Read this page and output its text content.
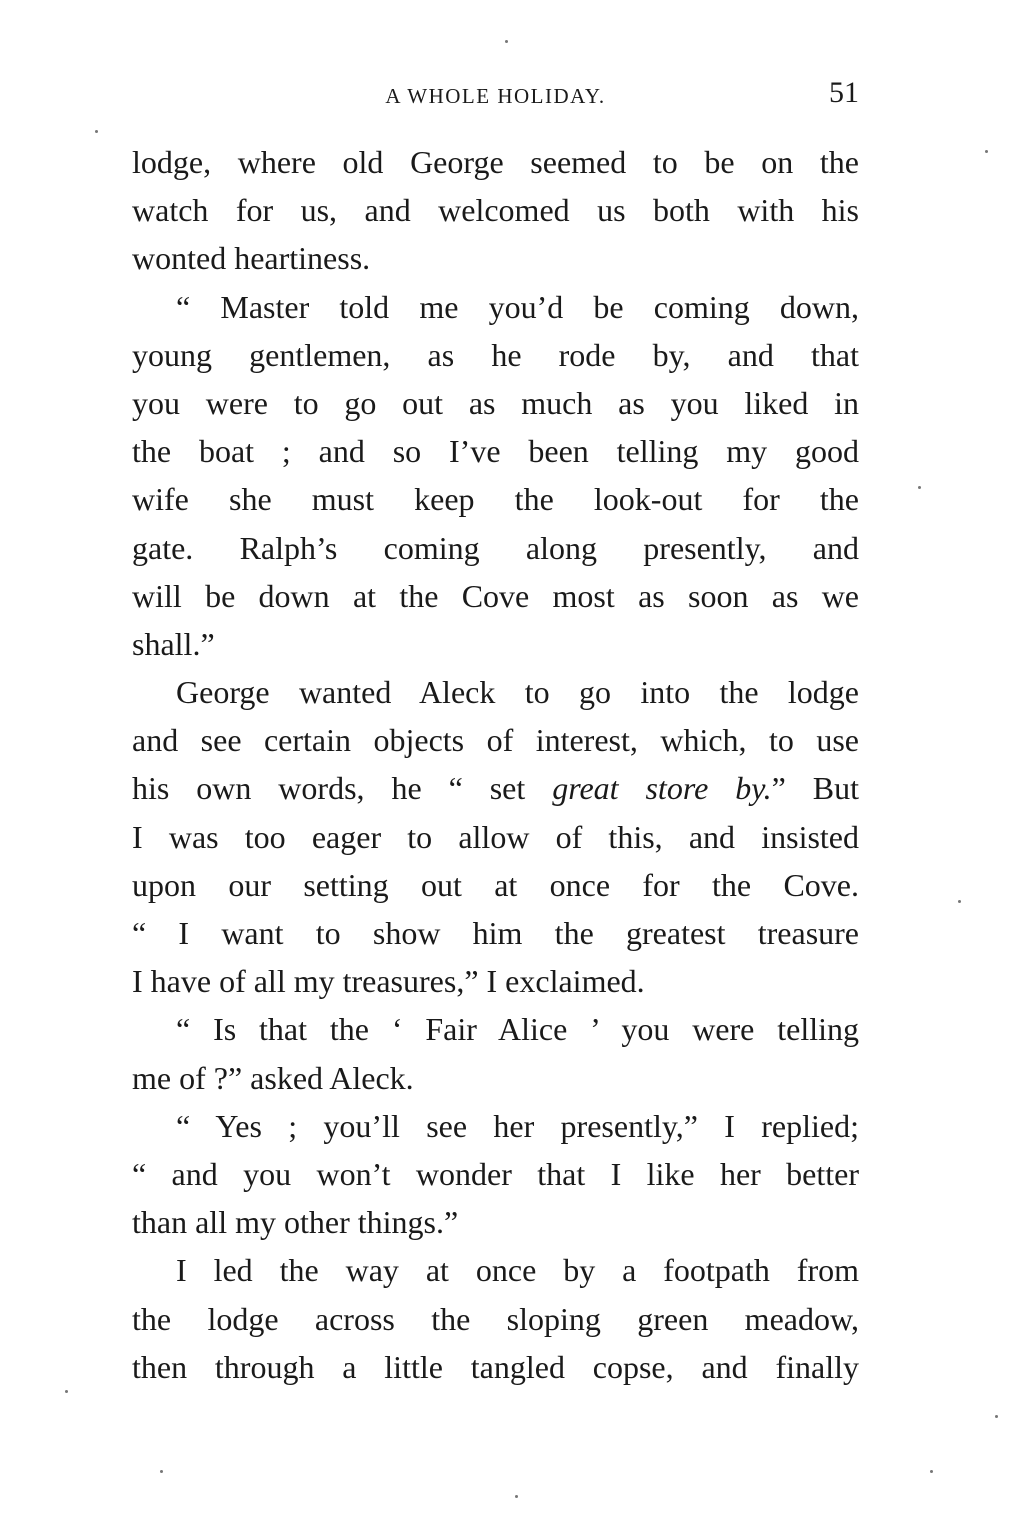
A WHOLE HOLIDAY.	51
lodge, where old George seemed to be on the
watch for us, and welcomed us both with his
wonted heartiness.
“ Master told me you’d be coming down,
young gentlemen, as he rode by, and that
you were to go out as much as you liked in
the boat ; and so I’ve been telling my good
wife she must keep the look-out for the
gate. Ralph’s coming along presently, and
will be down at the Cove most as soon as we
shall.”
George wanted Aleck to go into the lodge
and see certain objects of interest, which, to use
his own words, he “ set great store by.” But
I was too eager to allow of this, and insisted
upon our setting out at once for the Cove.
“ I want to show him the greatest treasure
I have of all my treasures,” I exclaimed.
“ Is that the ‘ Fair Alice ’ you were telling
me of ?” asked Aleck.
“ Yes ; you’ll see her presently,” I replied;
“ and you won’t wonder that I like her better
than all my other things.”
I led the way at once by a footpath from
the lodge across the sloping green meadow,
then through a little tangled copse, and finally
